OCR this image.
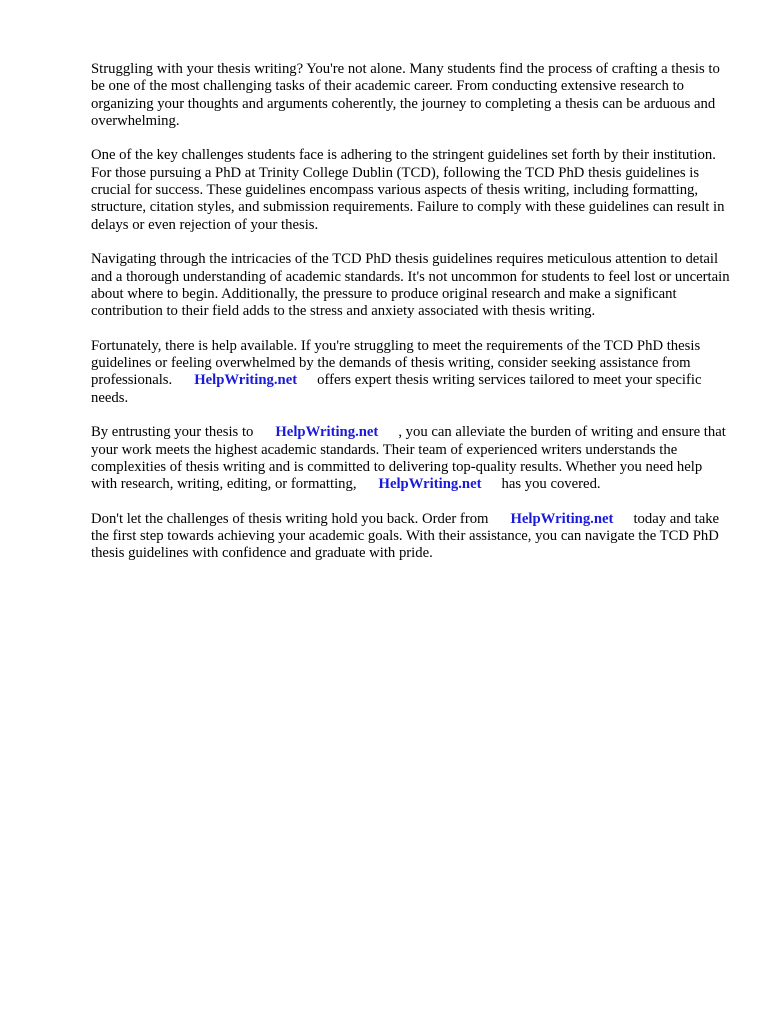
Struggling with your thesis writing? You're not alone. Many students find the process of crafting a thesis to be one of the most challenging tasks of their academic career. From conducting extensive research to organizing your thoughts and arguments coherently, the journey to completing a thesis can be arduous and overwhelming.

One of the key challenges students face is adhering to the stringent guidelines set forth by their institution. For those pursuing a PhD at Trinity College Dublin (TCD), following the TCD PhD thesis guidelines is crucial for success. These guidelines encompass various aspects of thesis writing, including formatting, structure, citation styles, and submission requirements. Failure to comply with these guidelines can result in delays or even rejection of your thesis.

Navigating through the intricacies of the TCD PhD thesis guidelines requires meticulous attention to detail and a thorough understanding of academic standards. It's not uncommon for students to feel lost or uncertain about where to begin. Additionally, the pressure to produce original research and make a significant contribution to their field adds to the stress and anxiety associated with thesis writing.

Fortunately, there is help available. If you're struggling to meet the requirements of the TCD PhD thesis guidelines or feeling overwhelmed by the demands of thesis writing, consider seeking assistance from professionals. HelpWriting.net offers expert thesis writing services tailored to meet your specific needs.

By entrusting your thesis to HelpWriting.net , you can alleviate the burden of writing and ensure that your work meets the highest academic standards. Their team of experienced writers understands the complexities of thesis writing and is committed to delivering top-quality results. Whether you need help with research, writing, editing, or formatting, HelpWriting.net has you covered.

Don't let the challenges of thesis writing hold you back. Order from HelpWriting.net today and take the first step towards achieving your academic goals. With their assistance, you can navigate the TCD PhD thesis guidelines with confidence and graduate with pride.
